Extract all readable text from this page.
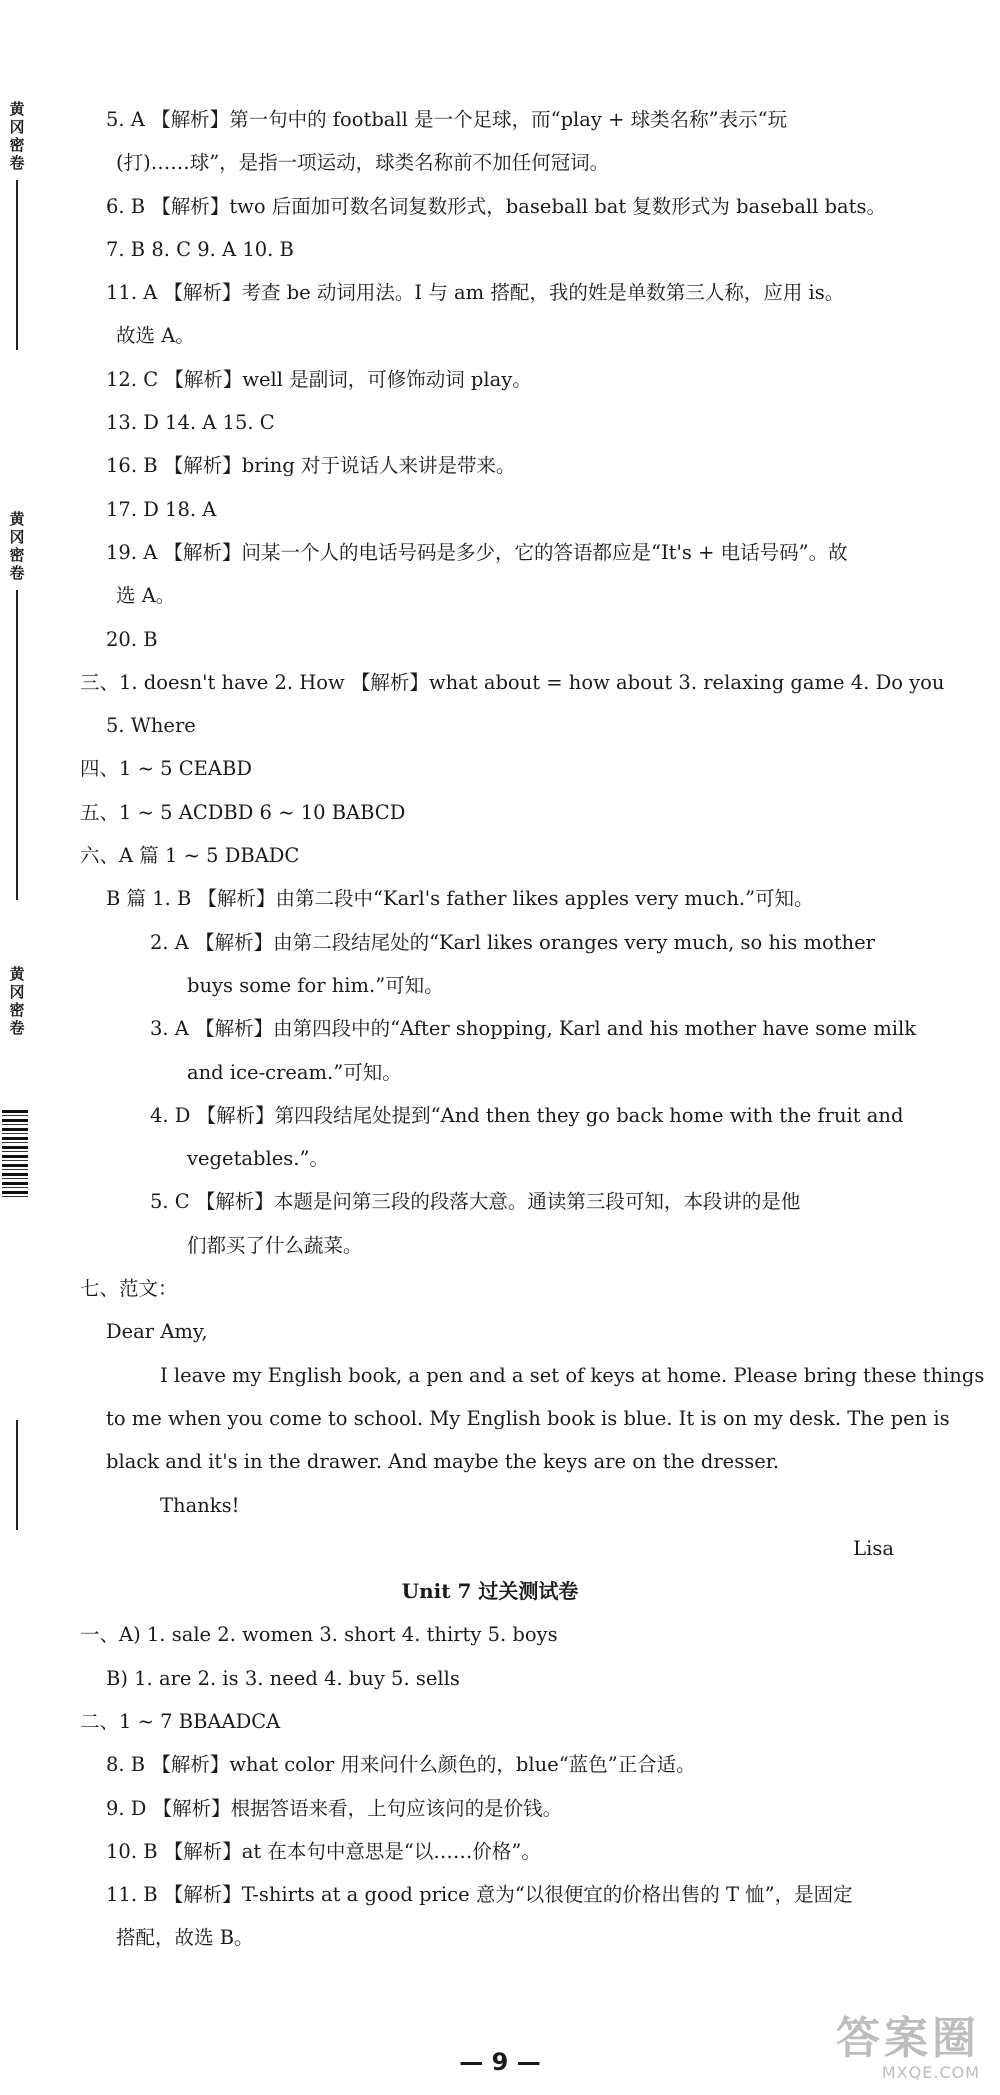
黄冈密卷
黄冈密卷
黄冈密卷
5. A 【解析】第一句中的 football 是一个足球，而“play + 球类名称”表示“玩
(打)……球”，是指一项运动，球类名称前不加任何冠词。
6. B 【解析】two 后面加可数名词复数形式，baseball bat 复数形式为 baseball bats。
7. B 8. C 9. A 10. B
11. A 【解析】考查 be 动词用法。I 与 am 搭配，我的姓是单数第三人称，应用 is。
故选 A。
12. C 【解析】well 是副词，可修饰动词 play。
13. D 14. A 15. C
16. B 【解析】bring 对于说话人来讲是带来。
17. D 18. A
19. A 【解析】问某一个人的电话号码是多少，它的答语都应是“It's + 电话号码”。故
选 A。
20. B
三、1. doesn't have 2. How 【解析】what about = how about 3. relaxing game 4. Do you
5. Where
四、1 ~ 5 CEABD
五、1 ~ 5 ACDBD 6 ~ 10 BABCD
六、A 篇 1 ~ 5 DBADC
B 篇 1. B 【解析】由第二段中“Karl's father likes apples very much.”可知。
2. A 【解析】由第二段结尾处的“Karl likes oranges very much, so his mother
buys some for him.”可知。
3. A 【解析】由第四段中的“After shopping, Karl and his mother have some milk
and ice-cream.”可知。
4. D 【解析】第四段结尾处提到“And then they go back home with the fruit and
vegetables.”。
5. C 【解析】本题是问第三段的段落大意。通读第三段可知，本段讲的是他
们都买了什么蔬菜。
七、范文：
Dear Amy,
I leave my English book, a pen and a set of keys at home. Please bring these things
to me when you come to school. My English book is blue. It is on my desk. The pen is
black and it's in the drawer. And maybe the keys are on the dresser.
Thanks!
Lisa
Unit 7 过关测试卷
一、A) 1. sale 2. women 3. short 4. thirty 5. boys
B) 1. are 2. is 3. need 4. buy 5. sells
二、1 ~ 7 BBAADCA
8. B 【解析】what color 用来问什么颜色的，blue“蓝色”正合适。
9. D 【解析】根据答语来看，上句应该问的是价钱。
10. B 【解析】at 在本句中意思是“以……价格”。
11. B 【解析】T-shirts at a good price 意为“以很便宜的价格出售的 T 恤”，是固定
搭配，故选 B。
— 9 —	答案圈
MXQE.COM
